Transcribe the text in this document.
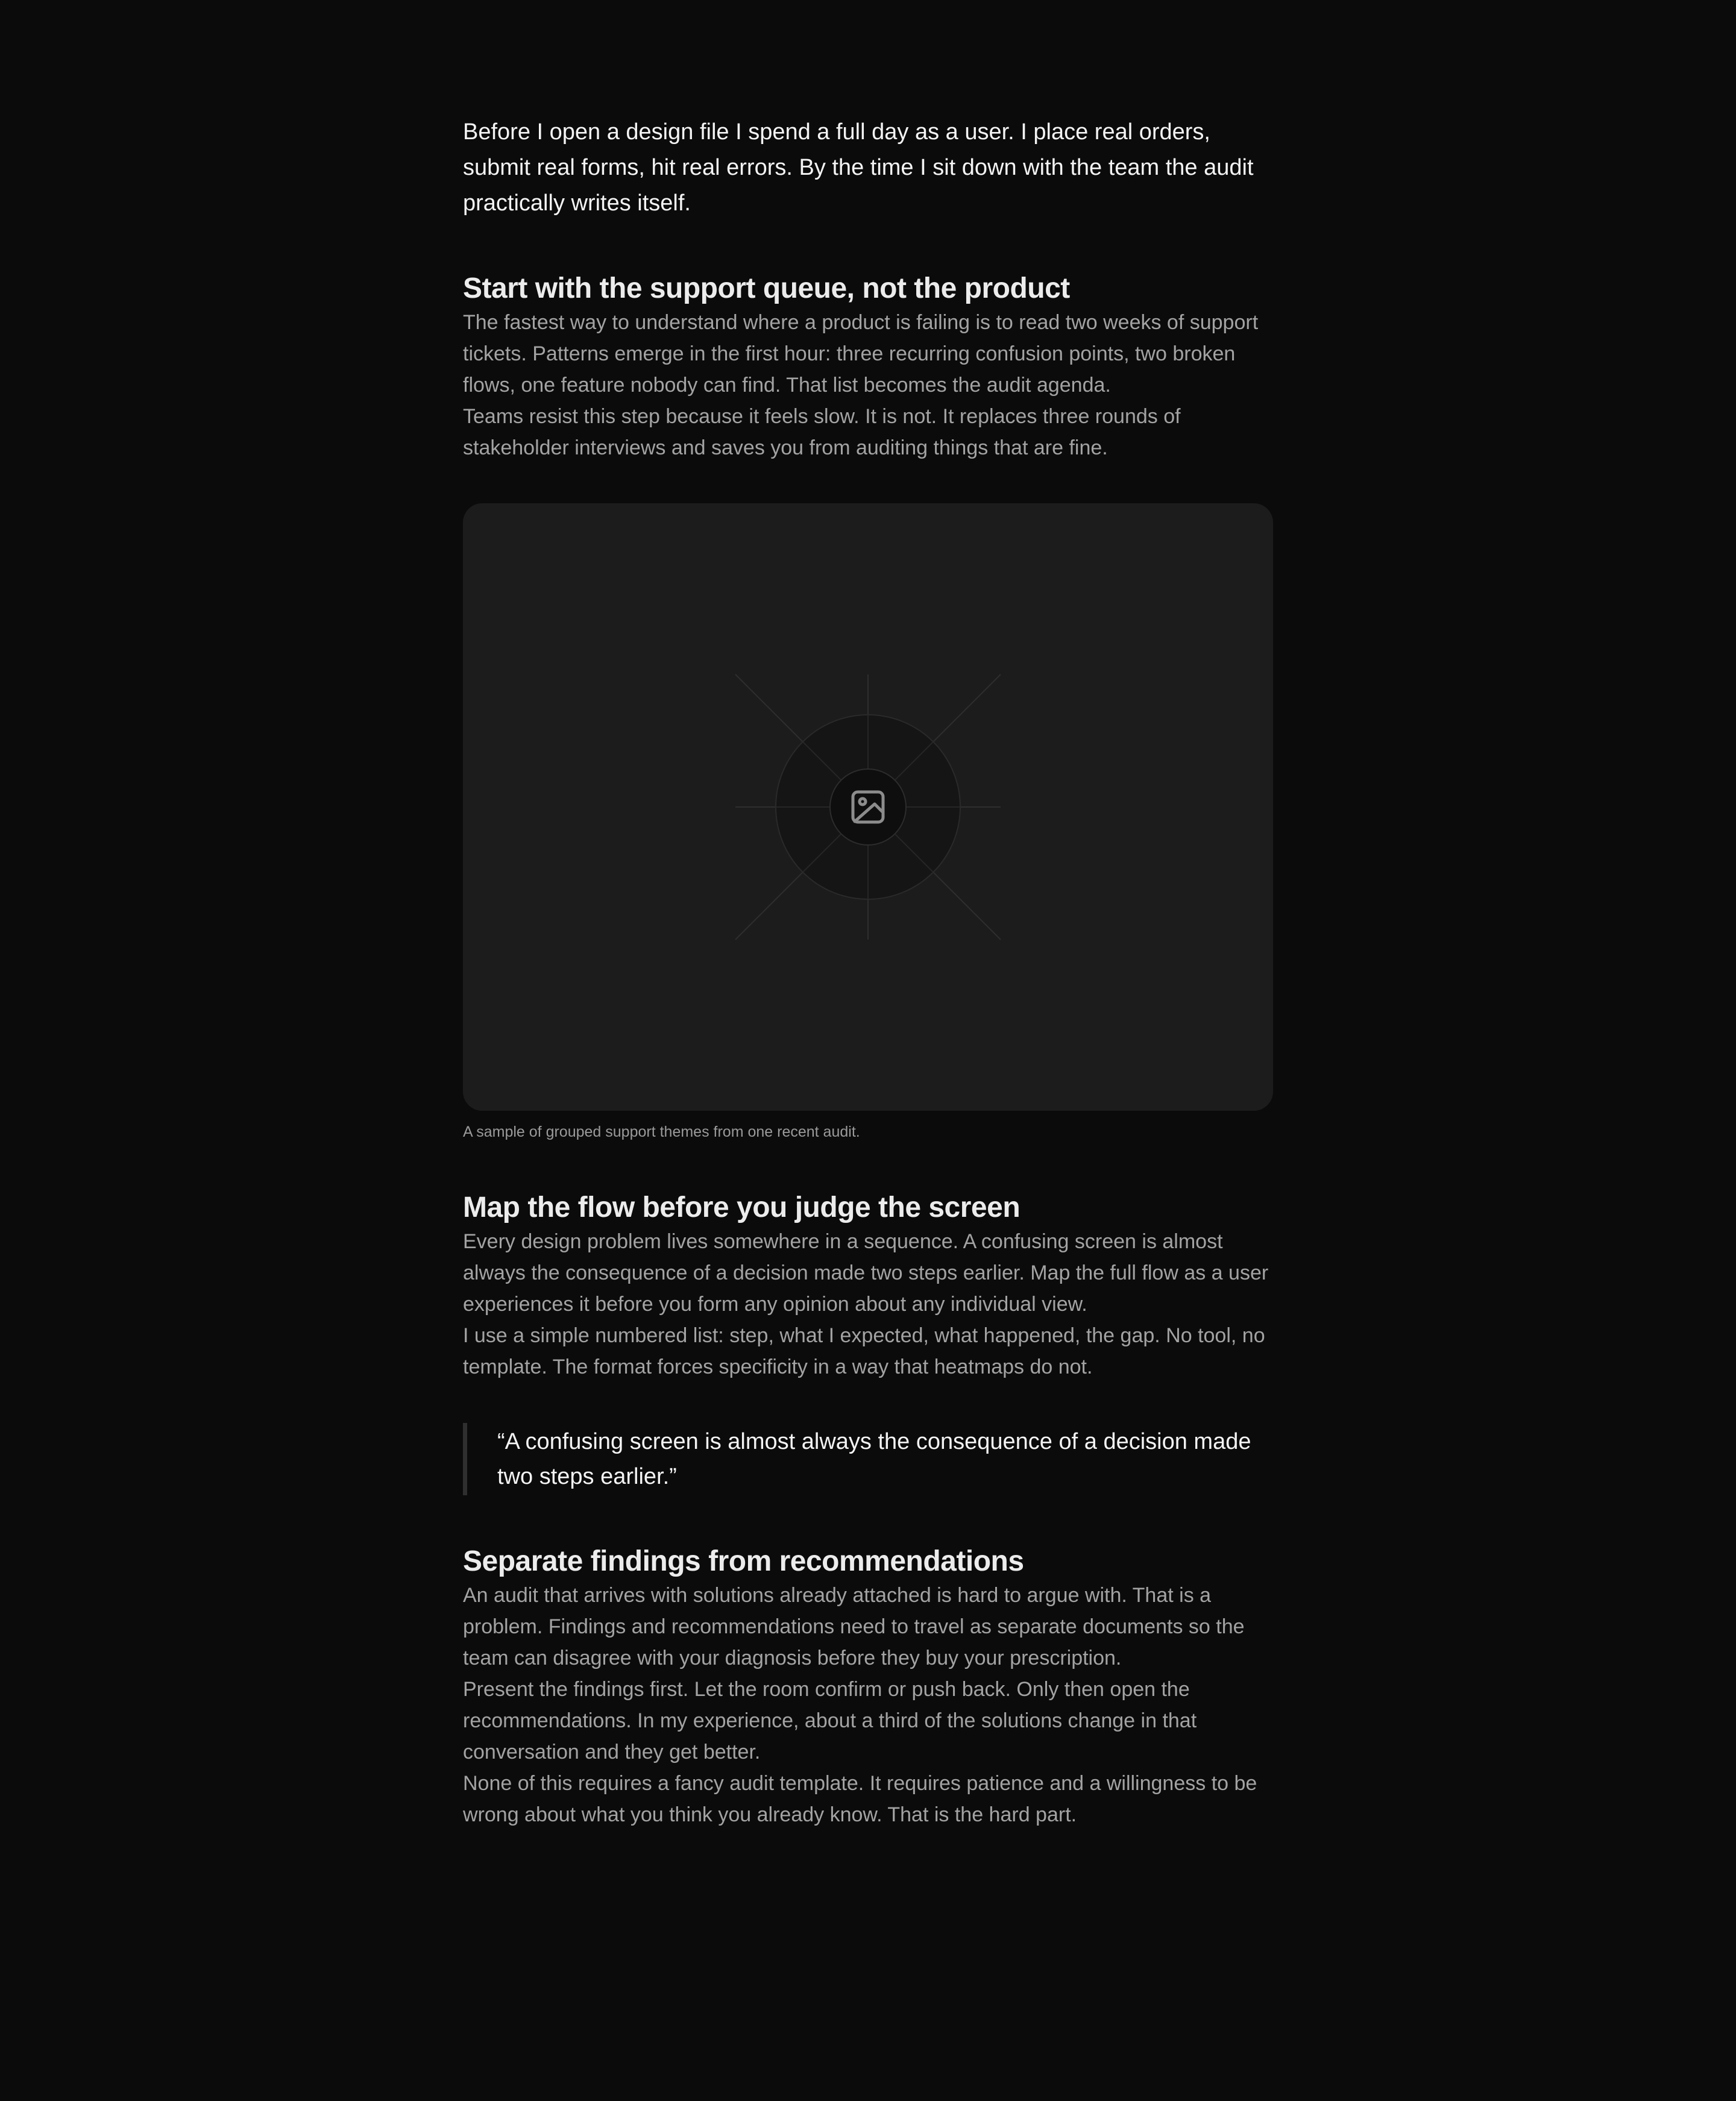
Before I open a design file I spend a full day as a user. I place real orders, submit real forms, hit real errors. By the time I sit down with the team the audit practically writes itself.

Start with the support queue, not the product

The fastest way to understand where a product is failing is to read two weeks of support tickets. Patterns emerge in the first hour: three recurring confusion points, two broken flows, one feature nobody can find. That list becomes the audit agenda.

Teams resist this step because it feels slow. It is not. It replaces three rounds of stakeholder interviews and saves you from auditing things that are fine.

A sample of grouped support themes from one recent audit.

Map the flow before you judge the screen

Every design problem lives somewhere in a sequence. A confusing screen is almost always the consequence of a decision made two steps earlier. Map the full flow as a user experiences it before you form any opinion about any individual view.

I use a simple numbered list: step, what I expected, what happened, the gap. No tool, no template. The format forces specificity in a way that heatmaps do not.

“A confusing screen is almost always the consequence of a decision made two steps earlier.”

Separate findings from recommendations

An audit that arrives with solutions already attached is hard to argue with. That is a problem. Findings and recommendations need to travel as separate documents so the team can disagree with your diagnosis before they buy your prescription.

Present the findings first. Let the room confirm or push back. Only then open the recommendations. In my experience, about a third of the solutions change in that conversation and they get better.

None of this requires a fancy audit template. It requires patience and a willingness to be wrong about what you think you already know. That is the hard part.
